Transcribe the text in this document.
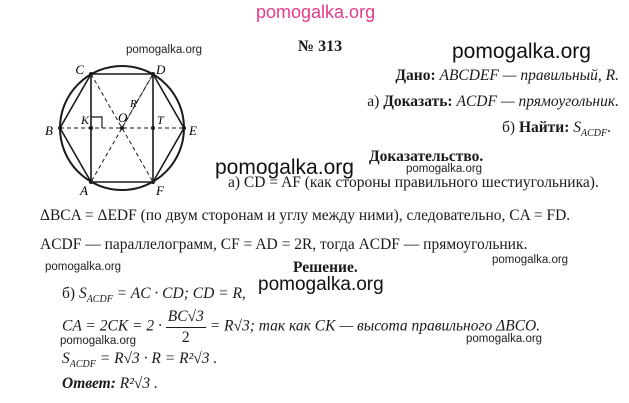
pomogalka.org
pomogalka.org	pomogalka.org
pomogalka.org	pomogalka.org
pomogalka.org
pomogalka.org
pomogalka.org
pomogalka.org	pomogalka.org
C	D
B	E
A	F
K O T
R
№ 313
Дано: ABCDEF — правильный, R.
а) Доказать: ACDF — прямоугольник.
б) Найти: $S_{ACDF}$.
Доказательство.
а) CD = AF (как стороны правильного шестиугольника).
ΔBCA = ΔEDF (по двум сторонам и углу между ними), следовательно, CA = FD.
ACDF — параллелограмм, CF = AD = 2R, тогда ACDF — прямоугольник.
Решение.
б) $S_{ACDF}$ = AC · CD; CD = R,
CA = $2CK = 2 \cdot \frac{BC√3}{2} = R√3$; так как CK — высота правильного ΔBCO.
$S_{ACDF} = R√3 \cdot R = R^2√3$ .
Ответ: R²√3 .
